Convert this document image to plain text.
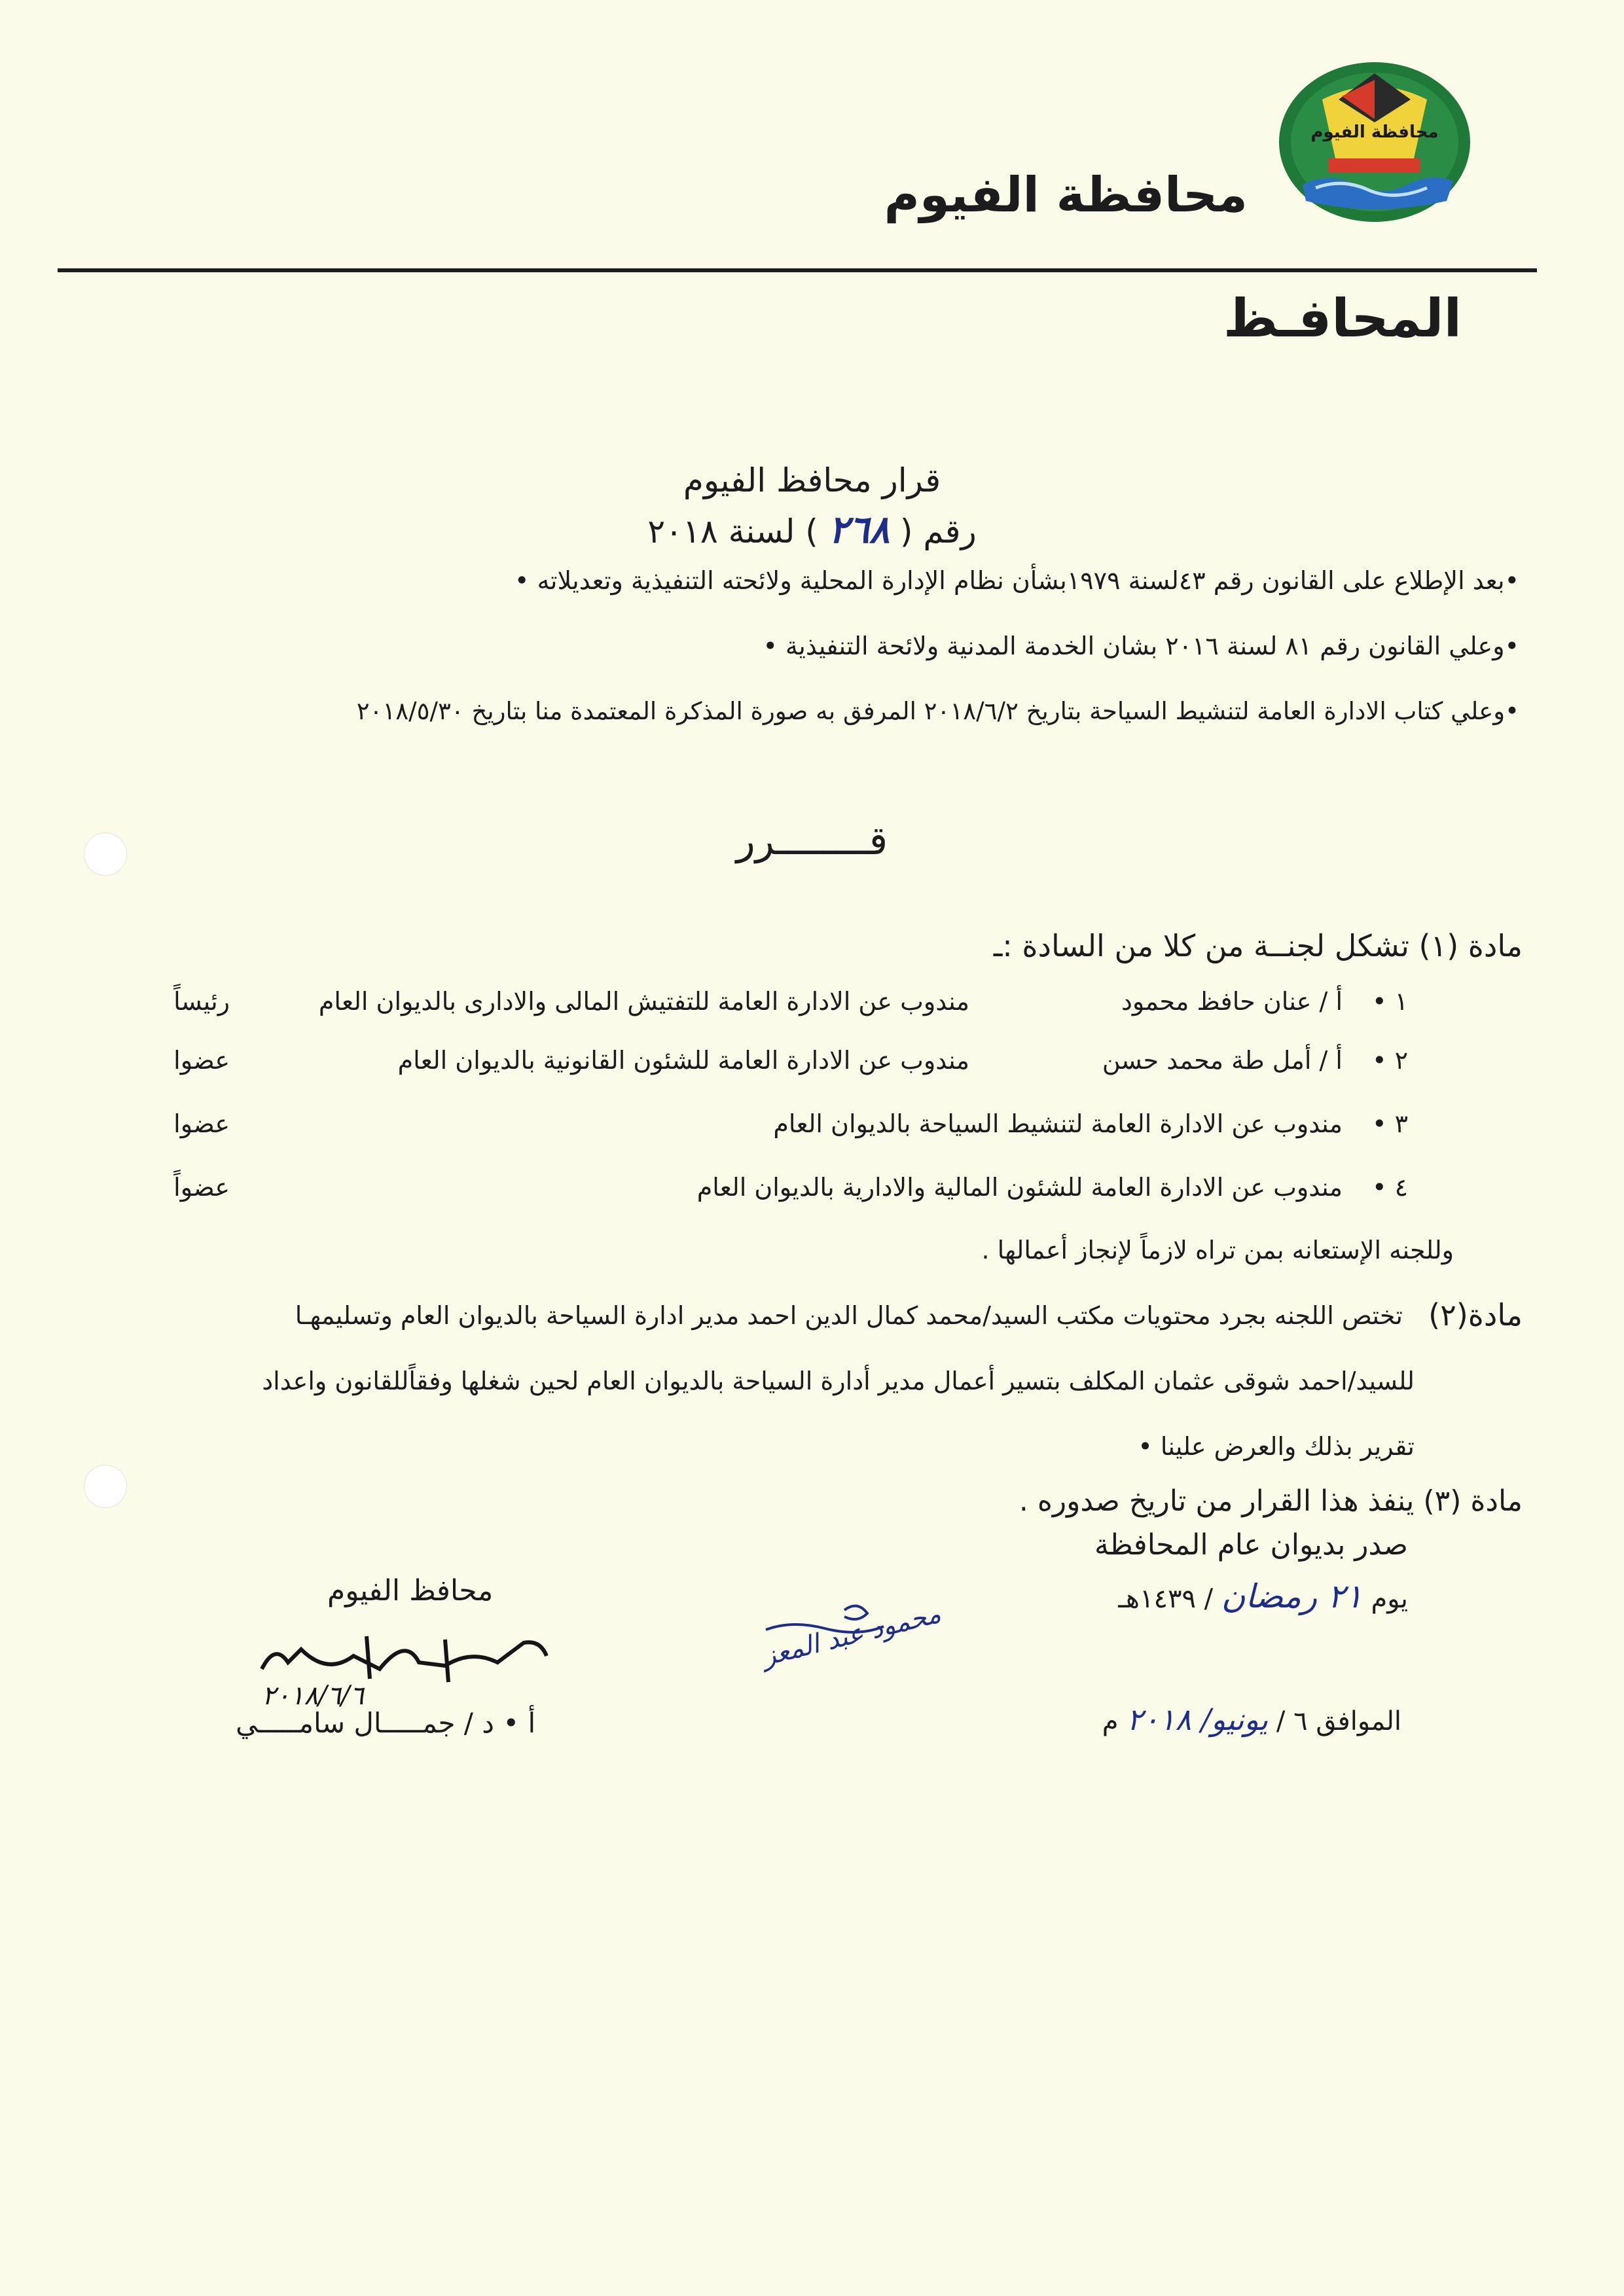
محافظة الفيوم
محافظة الفيوم
المحافـظ
قرار محافظ الفيوم
رقم ( ٢٦٨ ) لسنة ٢٠١٨
•بعد الإطلاع على القانون رقم ٤٣لسنة ١٩٧٩بشأن نظام الإدارة المحلية ولائحته التنفيذية وتعديلاته •
•وعلي القانون رقم ٨١ لسنة ٢٠١٦ بشان الخدمة المدنية ولائحة التنفيذية •
•وعلي كتاب الادارة العامة لتنشيط السياحة بتاريخ ٢٠١٨/٦/٢ المرفق به صورة المذكرة المعتمدة منا بتاريخ ٢٠١٨/٥/٣٠
قــــــــرر
مادة (١) تشكل لجنــة من كلا من السادة :ـ
١ •
أ / عنان حافظ محمود
مندوب عن الادارة العامة للتفتيش المالى والادارى بالديوان العام
رئيساً
٢ •
أ / أمل طة محمد حسن
مندوب عن الادارة العامة للشئون القانونية بالديوان العام
عضوا
٣ •
مندوب عن الادارة العامة لتنشيط السياحة بالديوان العام
عضوا
٤ •
مندوب عن الادارة العامة للشئون المالية والادارية بالديوان العام
عضواً
وللجنه الإستعانه بمن تراه لازماً لإنجاز أعمالها .
مادة(٢)
تختص اللجنه بجرد محتويات مكتب السيد/محمد كمال الدين احمد مدير ادارة السياحة بالديوان العام وتسليمهـا
للسيد/احمد شوقى عثمان المكلف بتسير أعمال مدير أدارة السياحة بالديوان العام لحين شغلها وفقاًللقانون واعداد
تقرير بذلك والعرض علينا •
مادة (٣) ينفذ هذا القرار من تاريخ صدوره .
صدر بديوان عام المحافظة
يوم ٢١ رمضان / ١٤٣٩هـ
الموافق ٦ / يونيو/ ٢٠١٨ م
محمود عبد المعز
محافظ الفيوم
٢٠١٨/٦/٦
أ • د / جمـــــال سامـــــي
